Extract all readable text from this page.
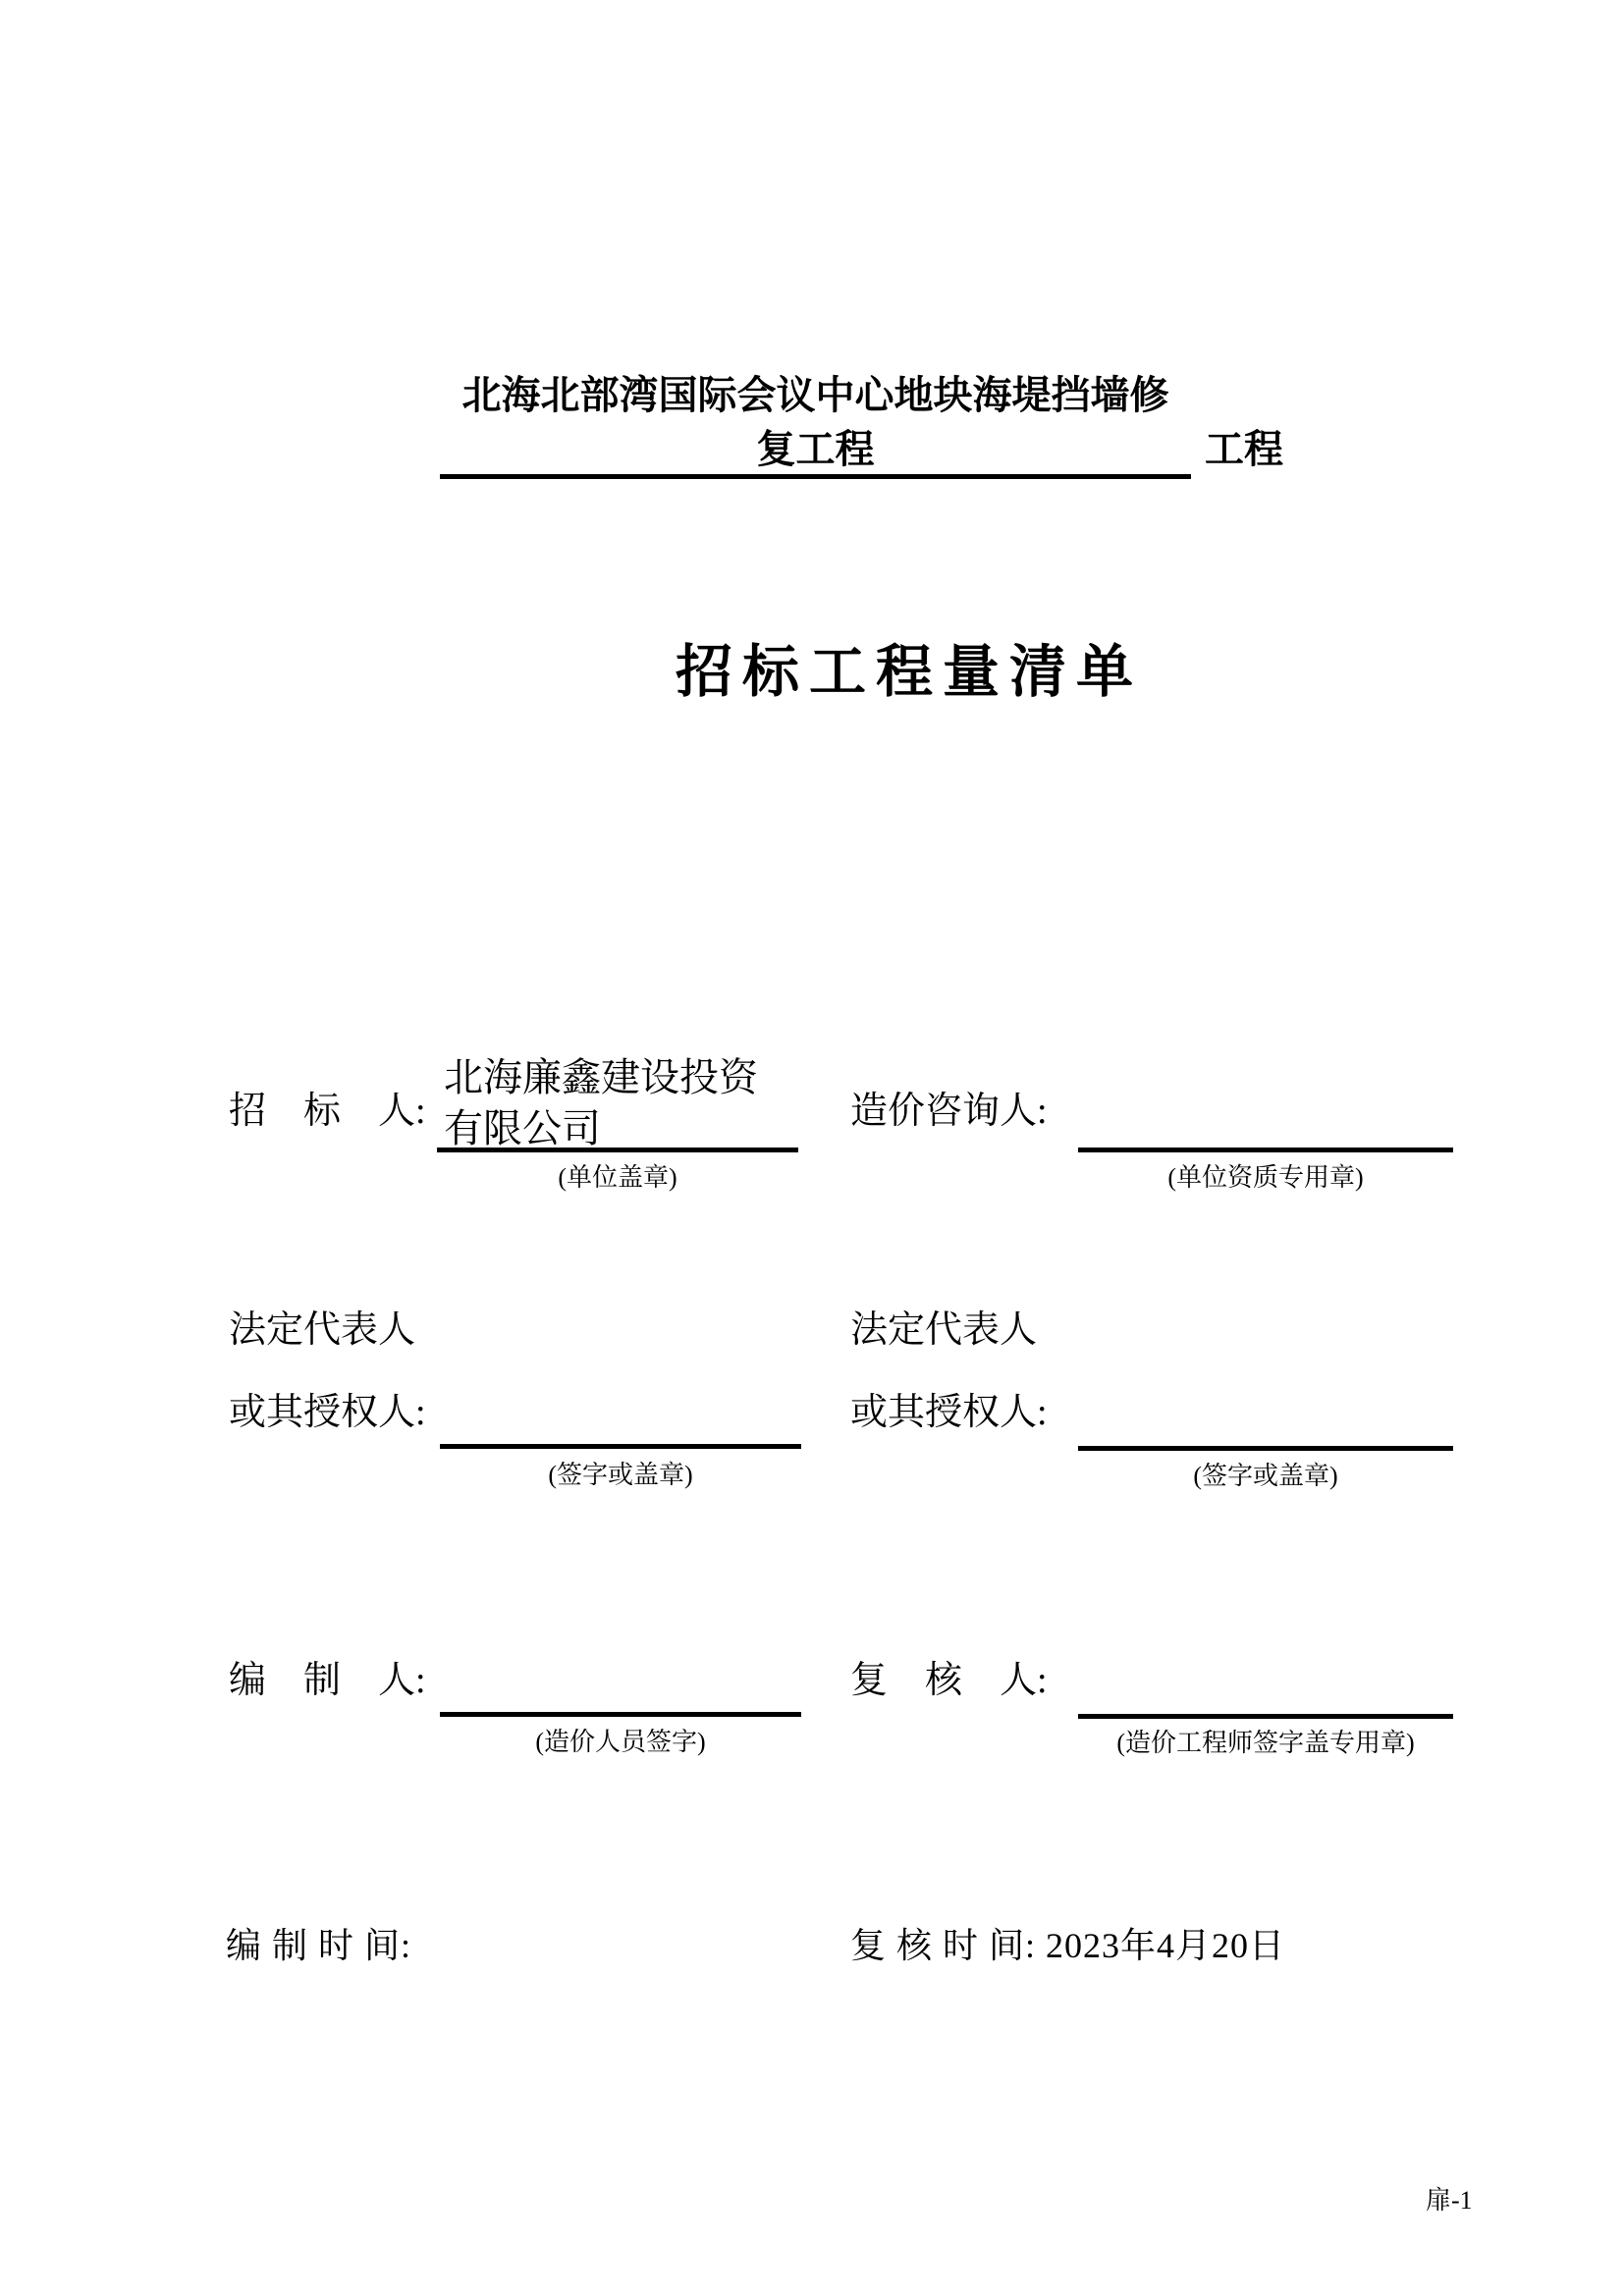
北海北部湾国际会议中心地块海堤挡墙修
复工程	工程
招标工程量清单
招　标　人:
北海廉鑫建设投资
有限公司
(单位盖章)
造价咨询人:
(单位资质专用章)
法定代表人
或其授权人:
(签字或盖章)
法定代表人
或其授权人:
(签字或盖章)
编　制　人:
(造价人员签字)
复　核　人:
(造价工程师签字盖专用章)
编 制 时 间:	复 核 时 间: 2023年4月20日
扉-1
